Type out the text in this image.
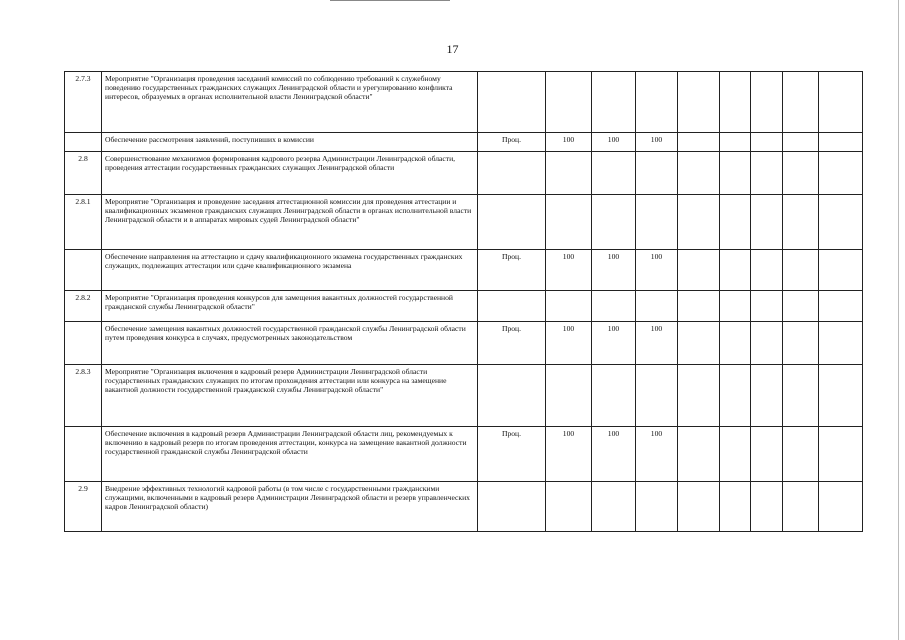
17
2.7.3	Мероприятие "Организация проведения заседаний комиссий по соблюдению требований к служебному поведению государственных гражданских служащих Ленинградской области и урегулированию конфликта интересов, образуемых в органах исполнительной власти Ленинградской области"									
	Обеспечение рассмотрения заявлений, поступивших в комиссии	Проц.	100	100	100					
2.8	Совершенствование механизмов формирования кадрового резерва Администрации Ленинградской области, проведения аттестации государственных гражданских служащих Ленинградской области									
2.8.1	Мероприятие "Организация и проведение заседания аттестационной комиссии для проведения аттестации и квалификационных экзаменов гражданских служащих Ленинградской области в органах исполнительной власти Ленинградской области и в аппаратах мировых судей Ленинградской области"									
	Обеспечение направления на аттестацию и сдачу квалификационного экзамена государственных гражданских служащих, подлежащих аттестации или сдаче квалификационного экзамена	Проц.	100	100	100					
2.8.2	Мероприятие "Организация проведения конкурсов для замещения вакантных должностей государственной гражданской службы Ленинградской области"									
	Обеспечение замещения вакантных должностей государственной гражданской службы Ленинградской области путем проведения конкурса в случаях, предусмотренных законодательством	Проц.	100	100	100					
2.8.3	Мероприятие "Организация включения в кадровый резерв Администрации Ленинградской области государственных гражданских служащих по итогам прохождения аттестации или конкурса на замещение вакантной должности государственной гражданской службы Ленинградской области"									
	Обеспечение включения в кадровый резерв Администрации Ленинградской области лиц, рекомендуемых к включению в кадровый резерв по итогам проведения аттестации, конкурса на замещение вакантной должности государственной гражданской службы Ленинградской области	Проц.	100	100	100					
2.9	Внедрение эффективных технологий кадровой работы (в том числе с государственными гражданскими служащими, включенными в кадровый резерв Администрации Ленинградской области и резерв управленческих кадров Ленинградской области)									
